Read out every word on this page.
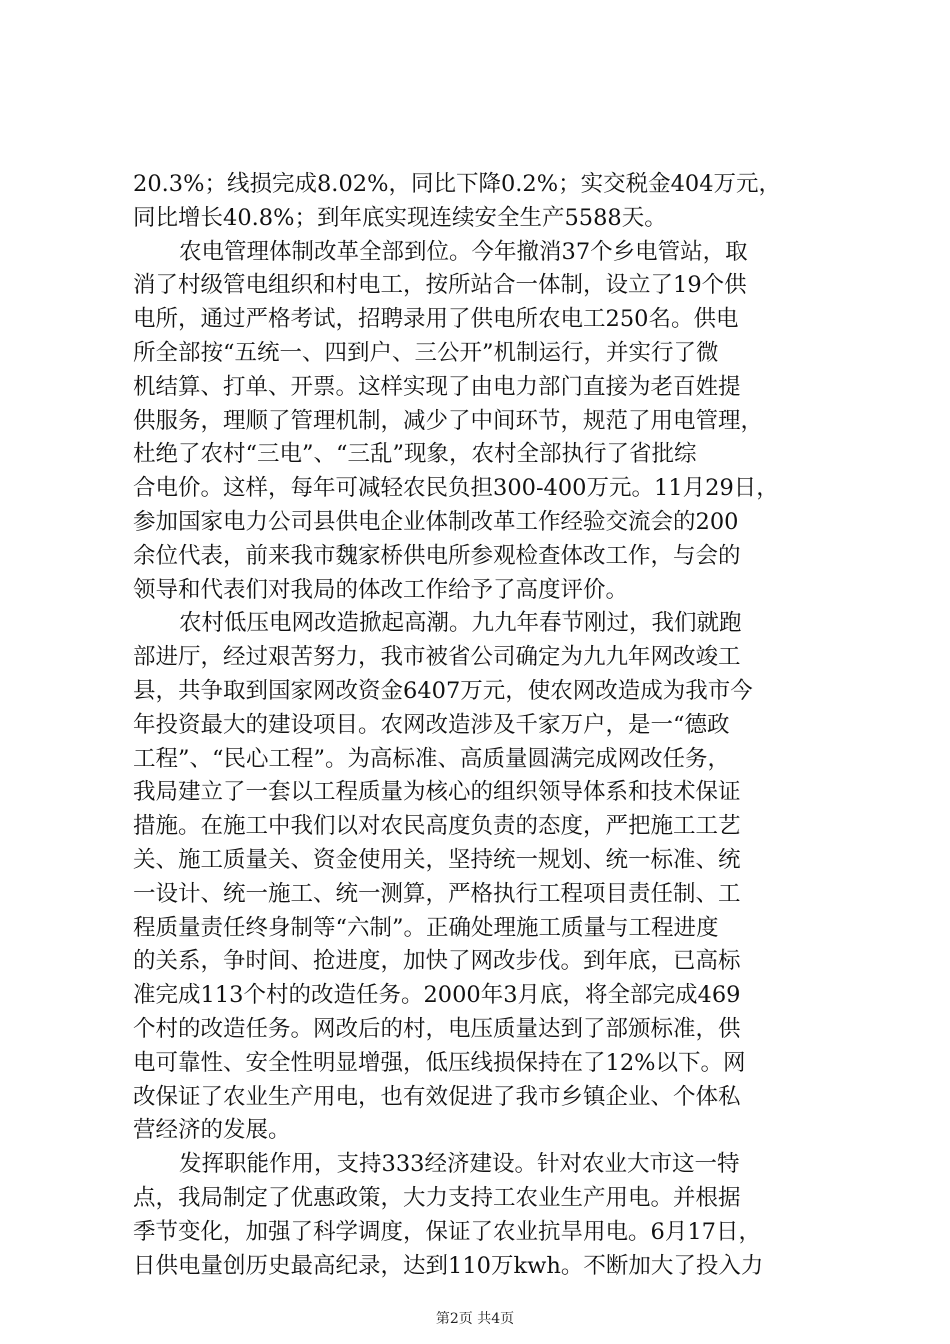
20.3%；线损完成8.02%，同比下降0.2%；实交税金404万元，
同比增长40.8%；到年底实现连续安全生产5588天。
农电管理体制改革全部到位。今年撤消37个乡电管站，取
消了村级管电组织和村电工，按所站合一体制，设立了19个供
电所，通过严格考试，招聘录用了供电所农电工250名。供电
所全部按“五统一、四到户、三公开”机制运行，并实行了微
机结算、打单、开票。这样实现了由电力部门直接为老百姓提
供服务，理顺了管理机制，减少了中间环节，规范了用电管理，
杜绝了农村“三电”、“三乱”现象，农村全部执行了省批综
合电价。这样，每年可减轻农民负担300-400万元。11月29日，
参加国家电力公司县供电企业体制改革工作经验交流会的200
余位代表，前来我市魏家桥供电所参观检查体改工作，与会的
领导和代表们对我局的体改工作给予了高度评价。
农村低压电网改造掀起高潮。九九年春节刚过，我们就跑
部进厅，经过艰苦努力，我市被省公司确定为九九年网改竣工
县，共争取到国家网改资金6407万元，使农网改造成为我市今
年投资最大的建设项目。农网改造涉及千家万户，是一“德政
工程”、“民心工程”。为高标准、高质量圆满完成网改任务，
我局建立了一套以工程质量为核心的组织领导体系和技术保证
措施。在施工中我们以对农民高度负责的态度，严把施工工艺
关、施工质量关、资金使用关，坚持统一规划、统一标准、统
一设计、统一施工、统一测算，严格执行工程项目责任制、工
程质量责任终身制等“六制”。正确处理施工质量与工程进度
的关系，争时间、抢进度，加快了网改步伐。到年底，已高标
准完成113个村的改造任务。2000年3月底，将全部完成469
个村的改造任务。网改后的村，电压质量达到了部颁标准，供
电可靠性、安全性明显增强，低压线损保持在了12%以下。网
改保证了农业生产用电，也有效促进了我市乡镇企业、个体私
营经济的发展。
发挥职能作用，支持333经济建设。针对农业大市这一特
点，我局制定了优惠政策，大力支持工农业生产用电。并根据
季节变化，加强了科学调度，保证了农业抗旱用电。6月17日，
日供电量创历史最高纪录，达到110万kwh。不断加大了投入力
第2页 共4页
